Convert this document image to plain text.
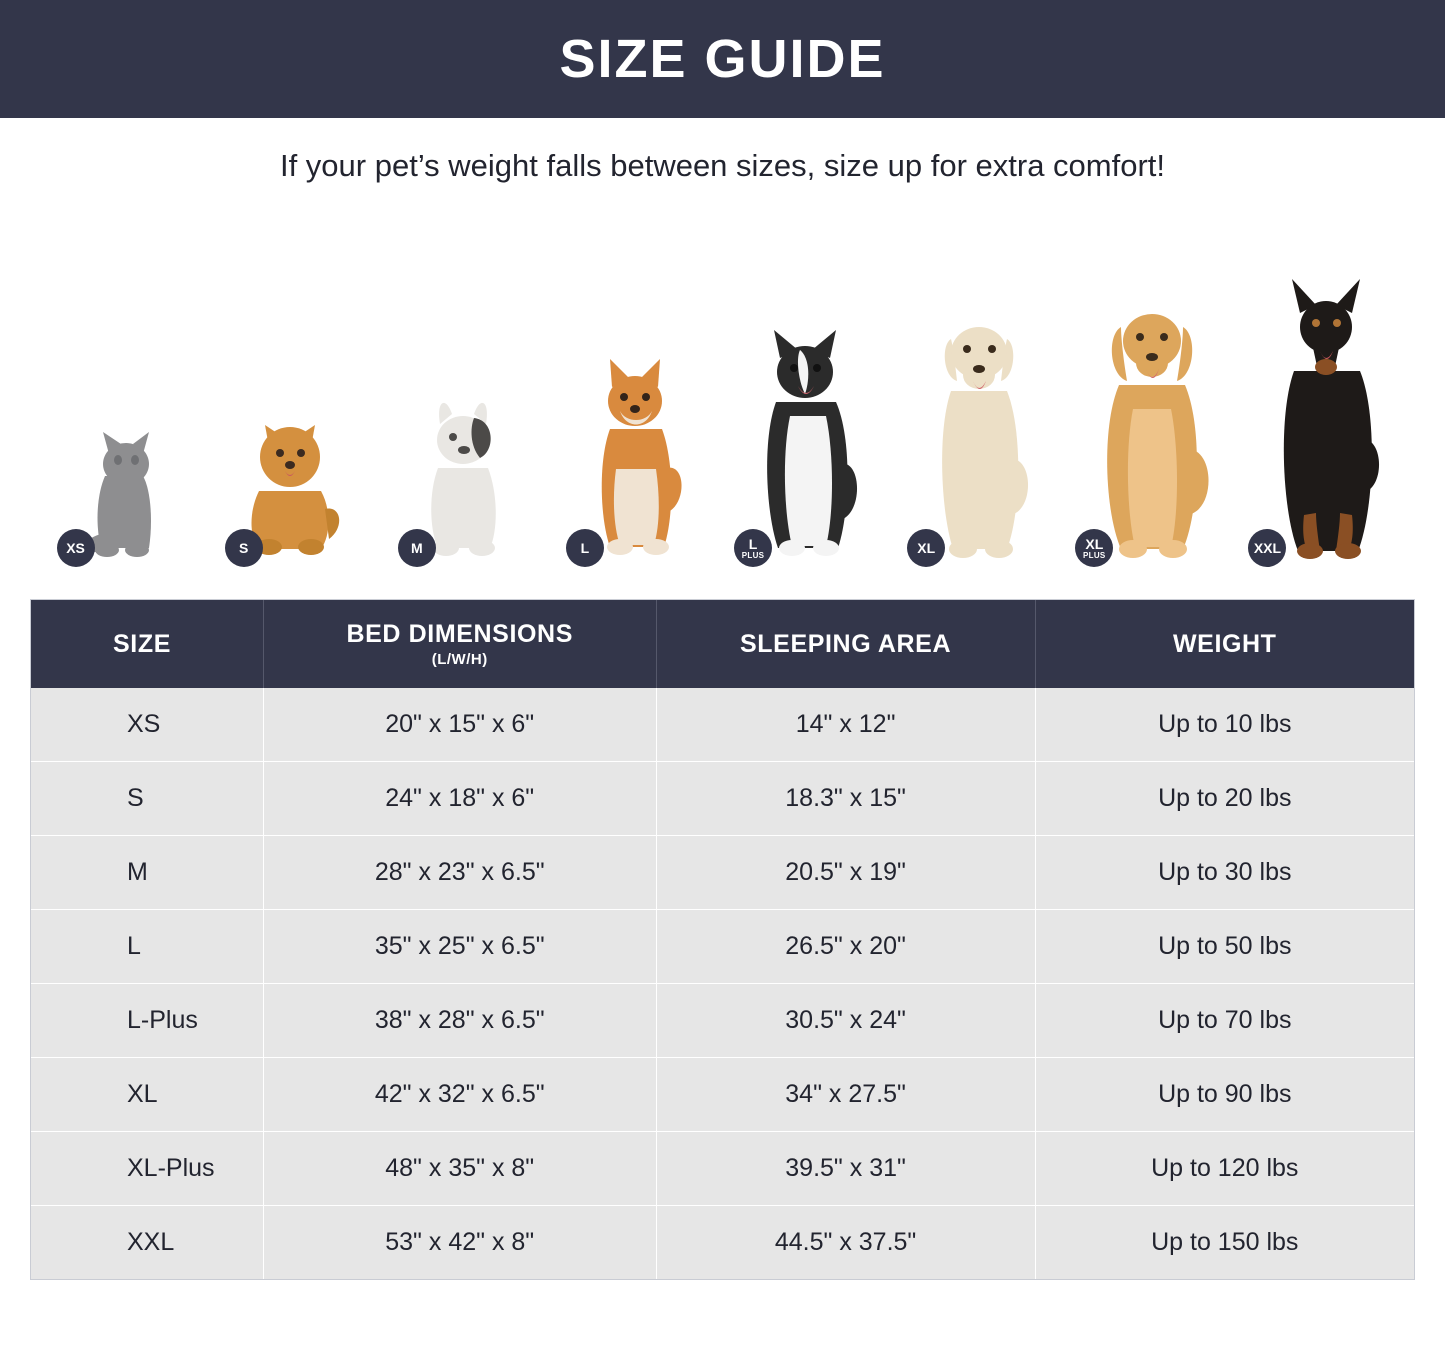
SIZE GUIDE
If your pet’s weight falls between sizes, size up for extra comfort!
XS	S	M	L	L
PLUS	XL	XL
PLUS	XXL
SIZE	BED DIMENSIONS
(L/W/H)	SLEEPING AREA	WEIGHT
XS	20" x 15" x 6"	14" x 12"	Up to 10 lbs
S	24" x 18" x 6"	18.3" x 15"	Up to 20 lbs
M	28" x 23" x 6.5"	20.5" x 19"	Up to 30 lbs
L	35" x 25" x 6.5"	26.5" x 20"	Up to 50 lbs
L-Plus	38" x 28" x 6.5"	30.5" x 24"	Up to 70 lbs
XL	42" x 32" x 6.5"	34" x 27.5"	Up to 90 lbs
XL-Plus	48" x 35" x 8"	39.5" x 31"	Up to 120 lbs
XXL	53" x 42" x 8"	44.5" x 37.5"	Up to 150 lbs
